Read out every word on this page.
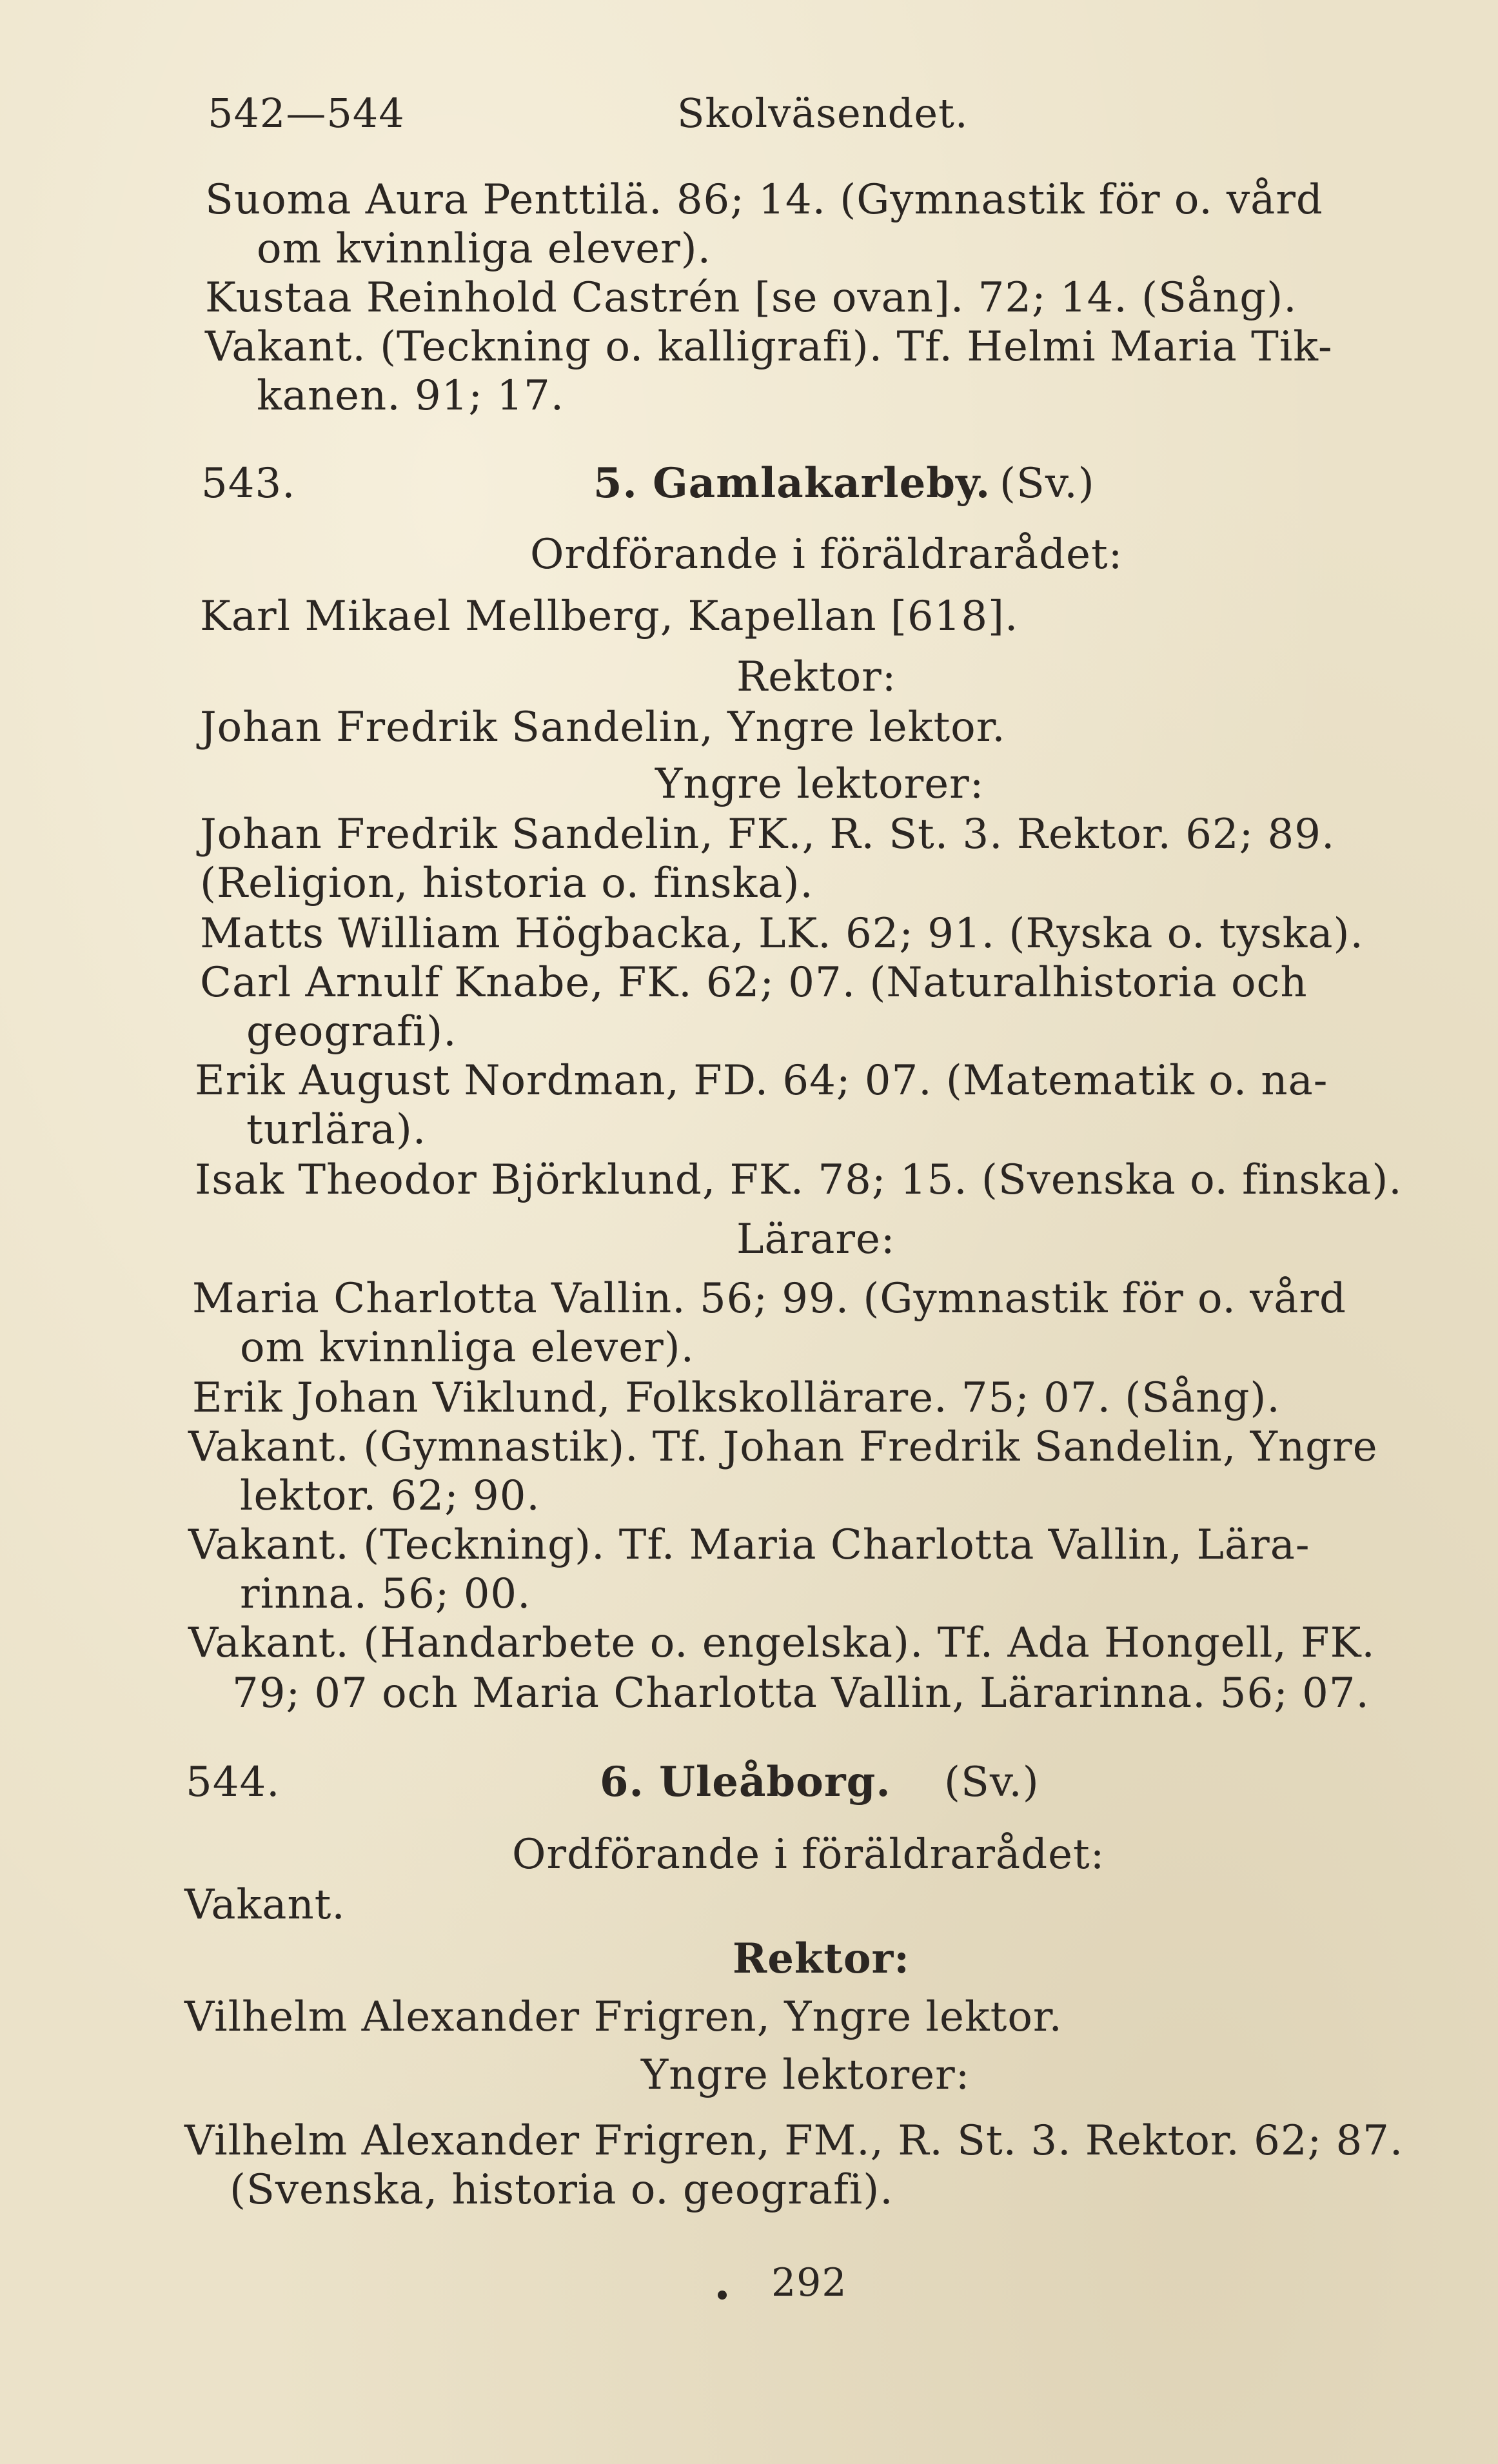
542—544	Skolväsendet.
Suoma Aura Penttilä. 86; 14. (Gymnastik för o. vård
om kvinnliga elever).
Kustaa Reinhold Castrén [se ovan]. 72; 14. (Sång).
Vakant. (Teckning o. kalligrafi). Tf. Helmi Maria Tik-
kanen. 91; 17.
543.	5. Gamlakarleby. (Sv.)
Ordförande i föräldrarådet:
Karl Mikael Mellberg, Kapellan [618].
Rektor:
Johan Fredrik Sandelin, Yngre lektor.
Yngre lektorer:
Johan Fredrik Sandelin, FK., R. St. 3. Rektor. 62; 89.
(Religion, historia o. finska).
Matts William Högbacka, LK. 62; 91. (Ryska o. tyska).
Carl Arnulf Knabe, FK. 62; 07. (Naturalhistoria och
geografi).
Erik August Nordman, FD. 64; 07. (Matematik o. na-
turlära).
Isak Theodor Björklund, FK. 78; 15. (Svenska o. finska).
Lärare:
Maria Charlotta Vallin. 56; 99. (Gymnastik för o. vård
om kvinnliga elever).
Erik Johan Viklund, Folkskollärare. 75; 07. (Sång).
Vakant. (Gymnastik). Tf. Johan Fredrik Sandelin, Yngre
lektor. 62; 90.
Vakant. (Teckning). Tf. Maria Charlotta Vallin, Lära-
rinna. 56; 00.
Vakant. (Handarbete o. engelska). Tf. Ada Hongell, FK.
79; 07 och Maria Charlotta Vallin, Lärarinna. 56; 07.
544.	6. Uleåborg. (Sv.)
Ordförande i föräldrarådet:
Vakant.
Rektor:
Vilhelm Alexander Frigren, Yngre lektor.
Yngre lektorer:
Vilhelm Alexander Frigren, FM., R. St. 3. Rektor. 62; 87.
(Svenska, historia o. geografi).
292
